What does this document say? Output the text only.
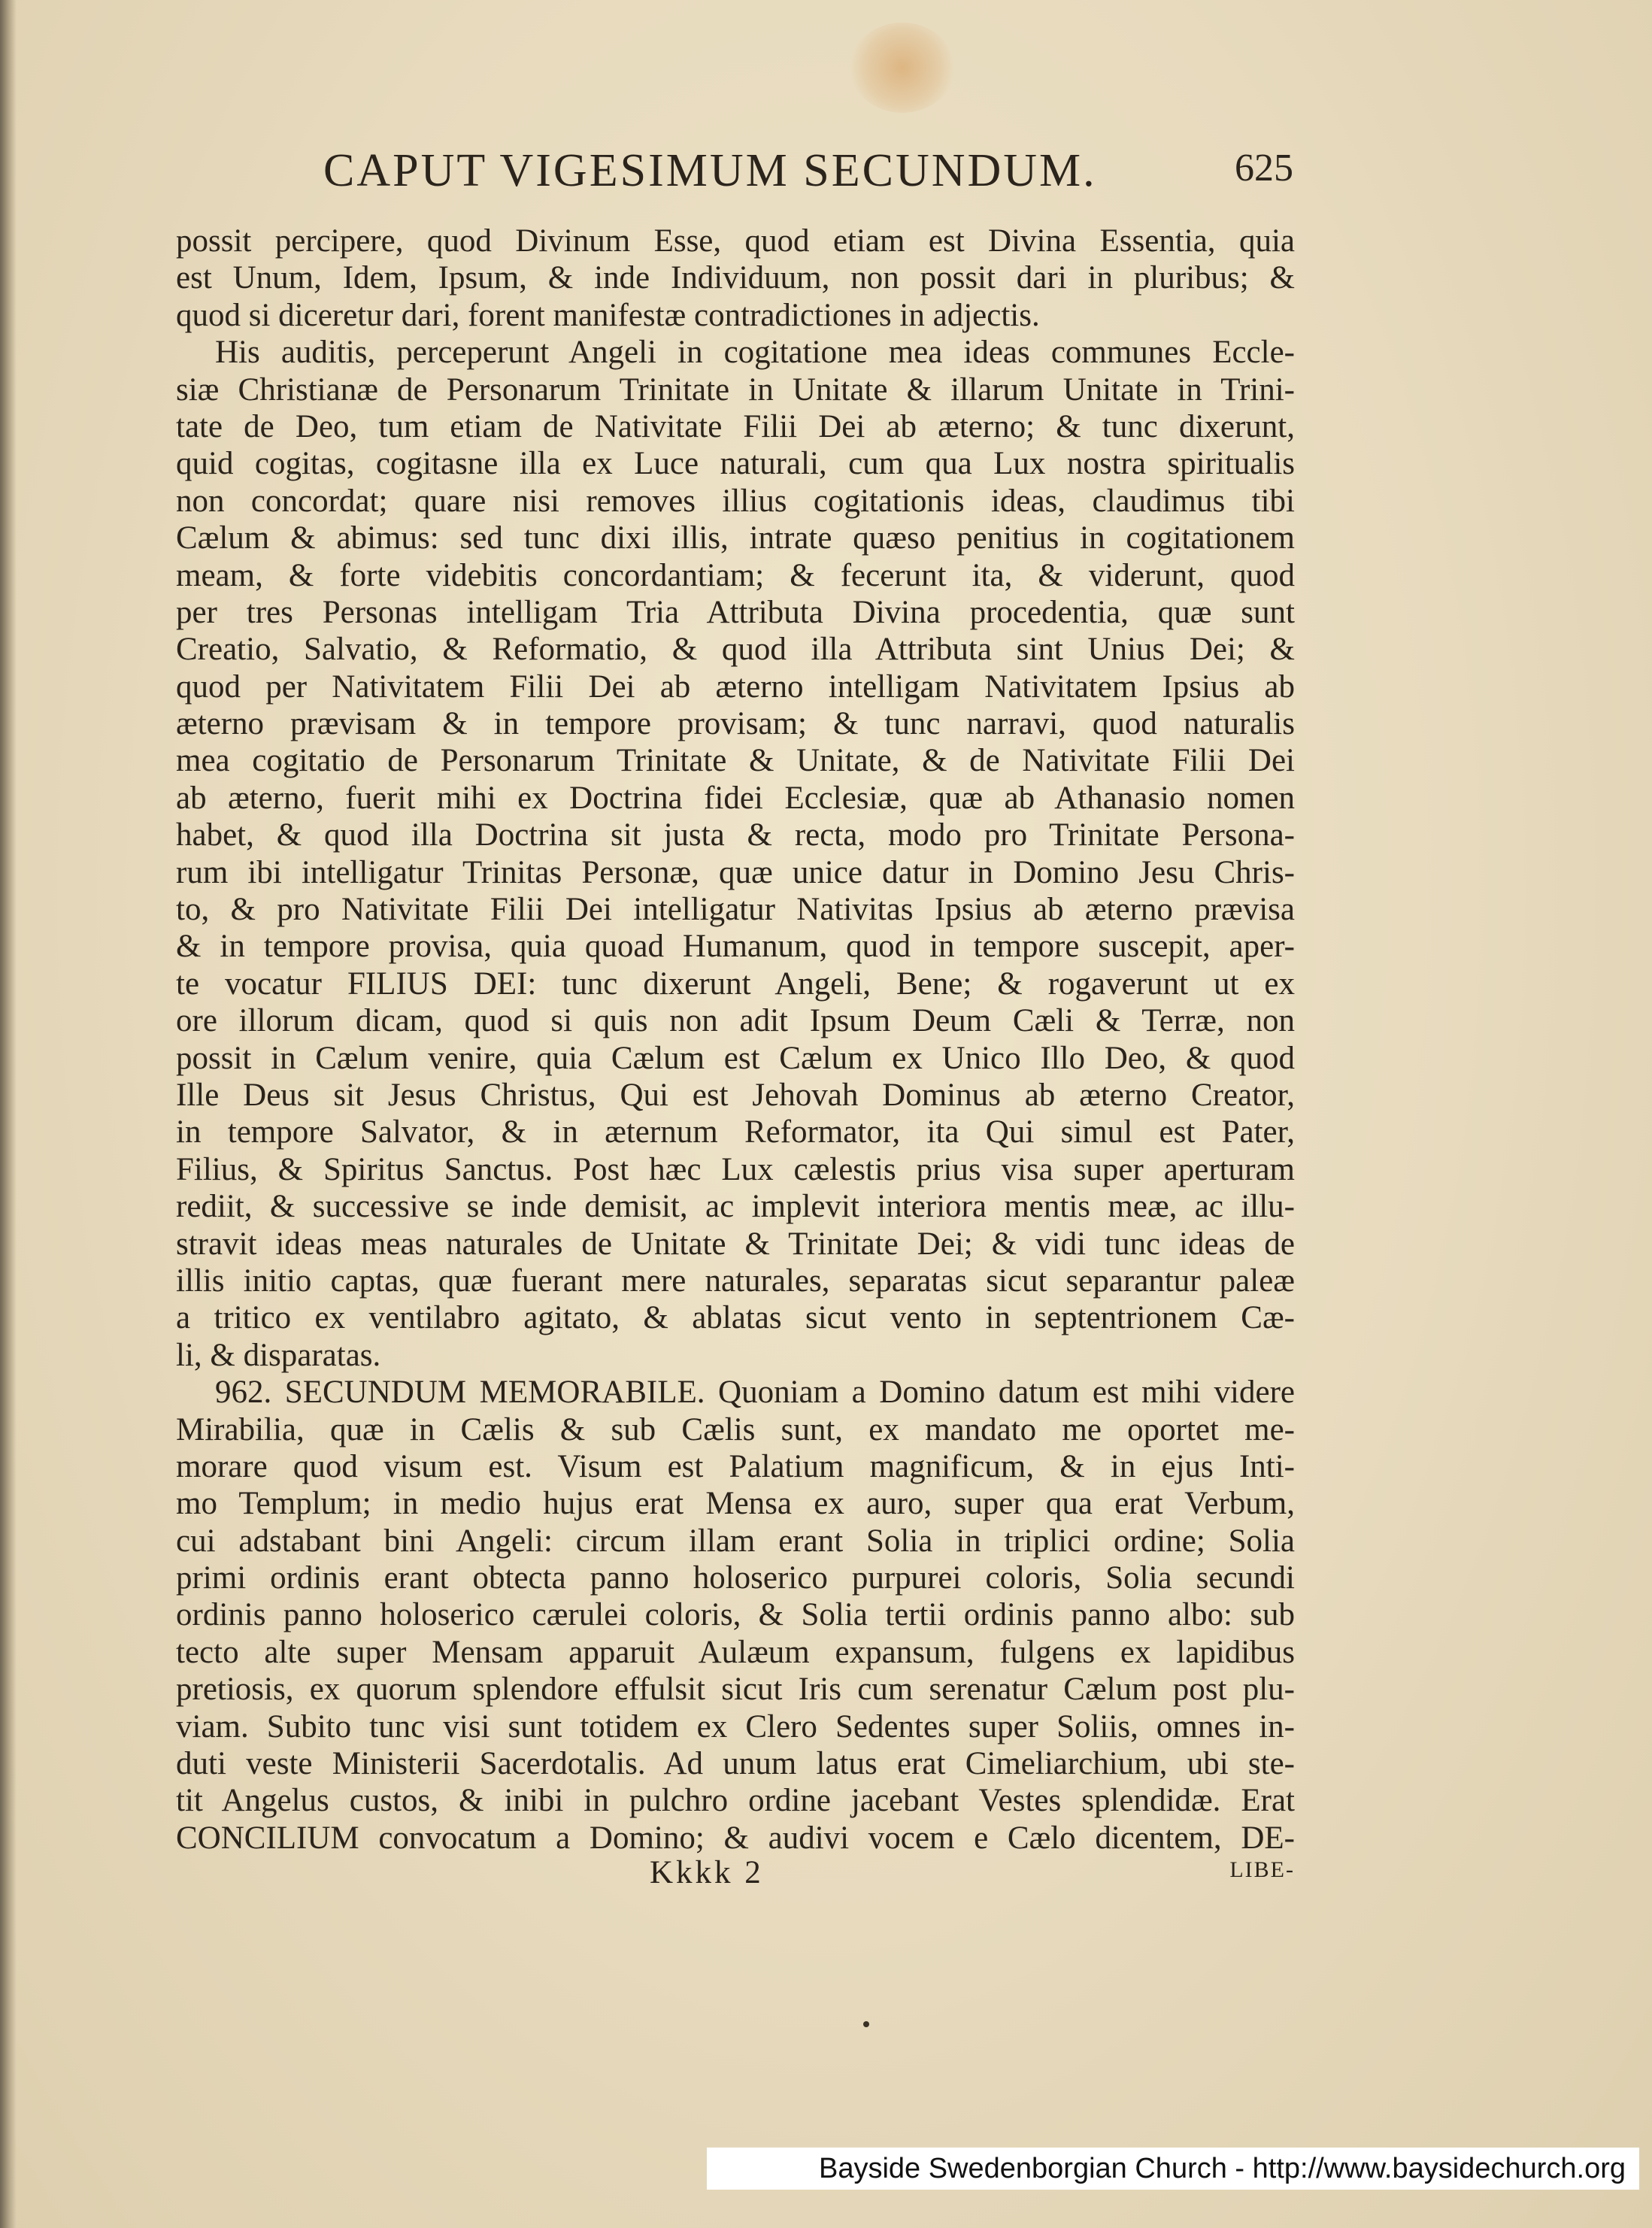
CAPUT VIGESIMUM SECUNDUM.	625
possit percipere, quod Divinum Esse, quod etiam est Divina Essentia, quia
est Unum, Idem, Ipsum, & inde Individuum, non possit dari in pluribus; &
quod si diceretur dari, forent manifestæ contradictiones in adjectis.
His auditis, perceperunt Angeli in cogitatione mea ideas communes Eccle-
siæ Christianæ de Personarum Trinitate in Unitate & illarum Unitate in Trini-
tate de Deo, tum etiam de Nativitate Filii Dei ab æterno; & tunc dixerunt,
quid cogitas, cogitasne illa ex Luce naturali, cum qua Lux nostra spiritualis
non concordat; quare nisi removes illius cogitationis ideas, claudimus tibi
Cælum & abimus: sed tunc dixi illis, intrate quæso penitius in cogitationem
meam, & forte videbitis concordantiam; & fecerunt ita, & viderunt, quod
per tres Personas intelligam Tria Attributa Divina procedentia, quæ sunt
Creatio, Salvatio, & Reformatio, & quod illa Attributa sint Unius Dei; &
quod per Nativitatem Filii Dei ab æterno intelligam Nativitatem Ipsius ab
æterno prævisam & in tempore provisam; & tunc narravi, quod naturalis
mea cogitatio de Personarum Trinitate & Unitate, & de Nativitate Filii Dei
ab æterno, fuerit mihi ex Doctrina fidei Ecclesiæ, quæ ab Athanasio nomen
habet, & quod illa Doctrina sit justa & recta, modo pro Trinitate Persona-
rum ibi intelligatur Trinitas Personæ, quæ unice datur in Domino Jesu Chris-
to, & pro Nativitate Filii Dei intelligatur Nativitas Ipsius ab æterno prævisa
& in tempore provisa, quia quoad Humanum, quod in tempore suscepit, aper-
te vocatur FILIUS DEI: tunc dixerunt Angeli, Bene; & rogaverunt ut ex
ore illorum dicam, quod si quis non adit Ipsum Deum Cæli & Terræ, non
possit in Cælum venire, quia Cælum est Cælum ex Unico Illo Deo, & quod
Ille Deus sit Jesus Christus, Qui est Jehovah Dominus ab æterno Creator,
in tempore Salvator, & in æternum Reformator, ita Qui simul est Pater,
Filius, & Spiritus Sanctus. Post hæc Lux cælestis prius visa super aperturam
rediit, & successive se inde demisit, ac implevit interiora mentis meæ, ac illu-
stravit ideas meas naturales de Unitate & Trinitate Dei; & vidi tunc ideas de
illis initio captas, quæ fuerant mere naturales, separatas sicut separantur paleæ
a tritico ex ventilabro agitato, & ablatas sicut vento in septentrionem Cæ-
li, & disparatas.
962. SECUNDUM MEMORABILE. Quoniam a Domino datum est mihi videre
Mirabilia, quæ in Cælis & sub Cælis sunt, ex mandato me oportet me-
morare quod visum est. Visum est Palatium magnificum, & in ejus Inti-
mo Templum; in medio hujus erat Mensa ex auro, super qua erat Verbum,
cui adstabant bini Angeli: circum illam erant Solia in triplici ordine; Solia
primi ordinis erant obtecta panno holoserico purpurei coloris, Solia secundi
ordinis panno holoserico cærulei coloris, & Solia tertii ordinis panno albo: sub
tecto alte super Mensam apparuit Aulæum expansum, fulgens ex lapidibus
pretiosis, ex quorum splendore effulsit sicut Iris cum serenatur Cælum post plu-
viam. Subito tunc visi sunt totidem ex Clero Sedentes super Soliis, omnes in-
duti veste Ministerii Sacerdotalis. Ad unum latus erat Cimeliarchium, ubi ste-
tit Angelus custos, & inibi in pulchro ordine jacebant Vestes splendidæ. Erat
CONCILIUM convocatum a Domino; & audivi vocem e Cælo dicentem, DE-
Kkkk 2	LIBE-
Bayside Swedenborgian Church - http://www.baysidechurch.org
